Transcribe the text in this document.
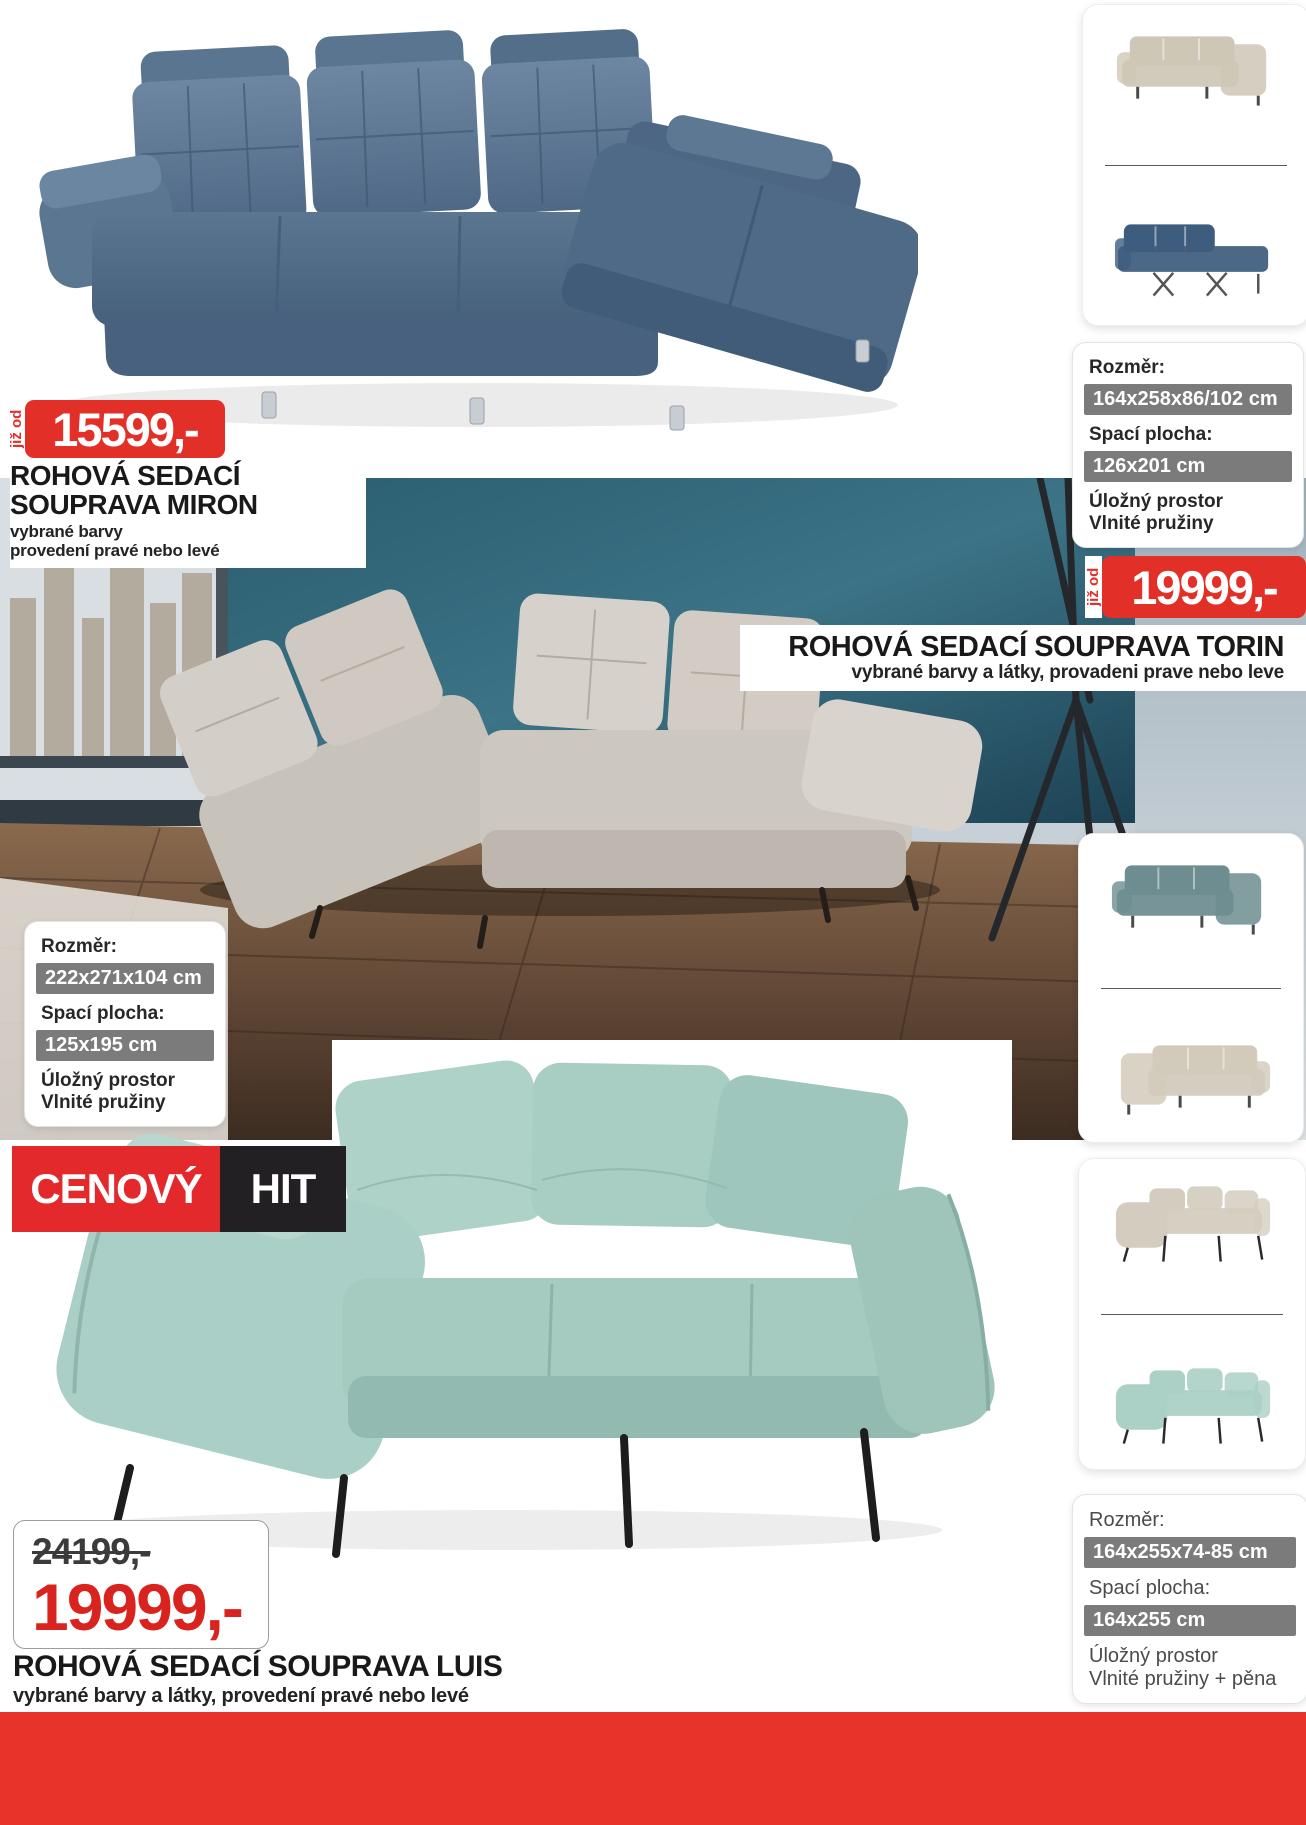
již od 15599,-
ROHOVÁ SEDACÍ
SOUPRAVA MIRON
vybrané barvy
provedení pravé nebo levé
Rozměr:
164x258x86/102 cm
Spací plocha:
126x201 cm
Úložný prostor
Vlnité pružiny
již od 19999,-
ROHOVÁ SEDACÍ SOUPRAVA TORIN
vybrané barvy a látky, provadeni prave nebo leve
Rozměr:
222x271x104 cm
Spací plocha:
125x195 cm
Úložný prostor
Vlnité pružiny
CENOVÝ	HIT
24199,-
19999,-
ROHOVÁ SEDACÍ SOUPRAVA LUIS
vybrané barvy a látky, provedení pravé nebo levé
Rozměr:
164x255x74-85 cm
Spací plocha:
164x255 cm
Úložný prostor
Vlnité pružiny + pěna
